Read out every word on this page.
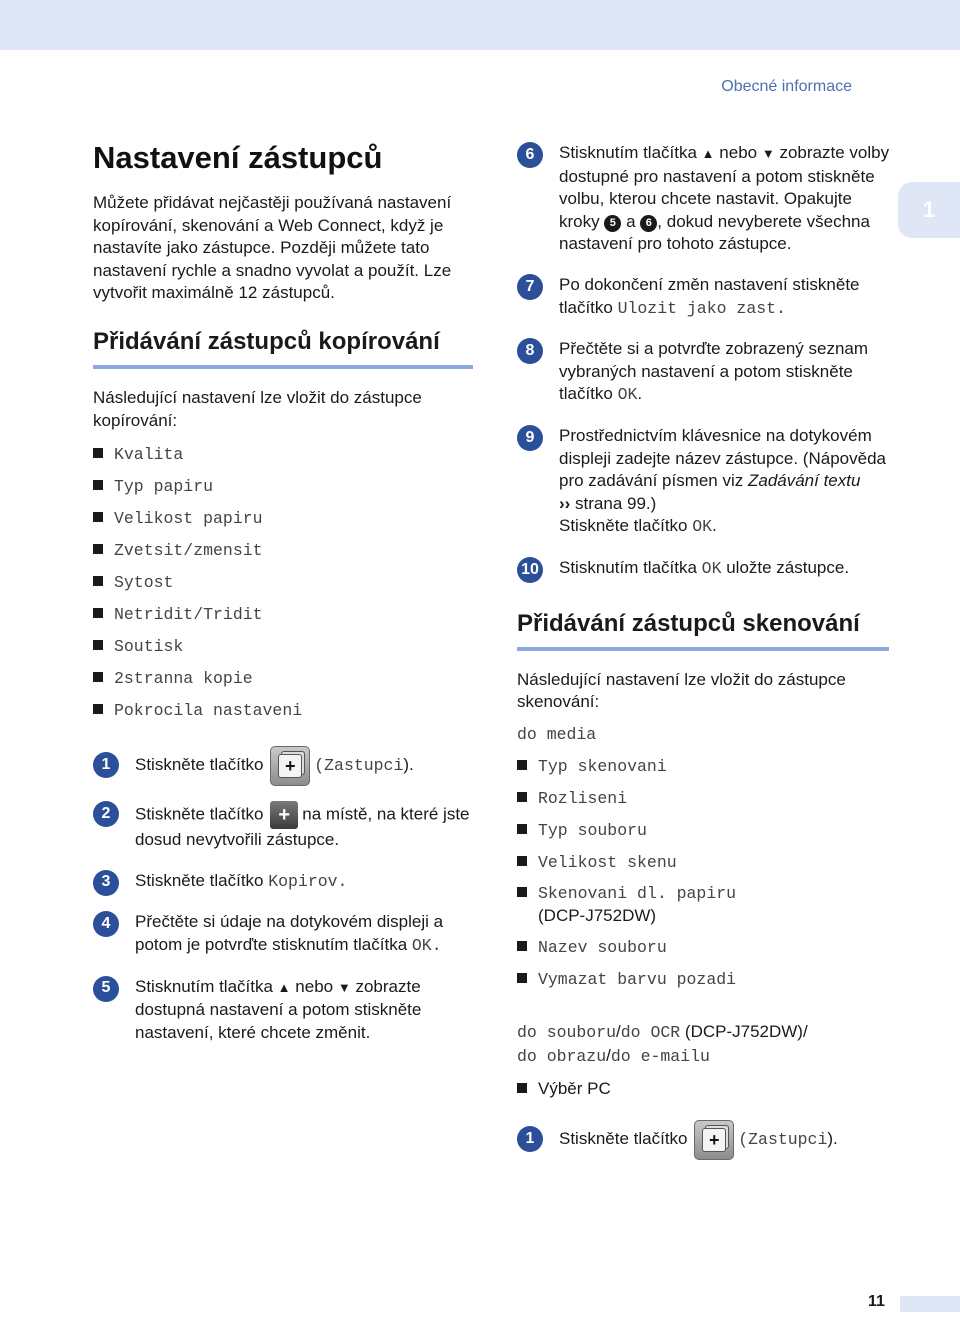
Obecné informace
1
Nastavení zástupců

Můžete přidávat nejčastěji používaná nastavení kopírování, skenování a Web Connect, když je nastavíte jako zástupce. Později můžete tato nastavení rychle a snadno vyvolat a použít. Lze vytvořit maximálně 12 zástupců.

Přidávání zástupců kopírování

Následující nastavení lze vložit do zástupce kopírování:

Kvalita
Typ papiru
Velikost papiru
Zvetsit/zmensit
Sytost
Netridit/Tridit
Soutisk
2stranna kopie
Pokrocila nastaveni
1	Stiskněte tlačítko	+	(Zastupci).
2	Stiskněte tlačítko + na místě, na které jste dosud nevytvořili zástupce.
3	Stiskněte tlačítko Kopirov.
4	Přečtěte si údaje na dotykovém displeji a potom je potvrďte stisknutím tlačítka OK.
5	Stisknutím tlačítka ▲ nebo ▼ zobrazte dostupná nastavení a potom stiskněte nastavení, které chcete změnit.
6	Stisknutím tlačítka ▲ nebo ▼ zobrazte volby dostupné pro nastavení a potom stiskněte volbu, kterou chcete nastavit. Opakujte kroky 5 a 6 , dokud nevyberete všechna nastavení pro tohoto zástupce.
7	Po dokončení změn nastavení stiskněte tlačítko Ulozit jako zast.
8	Přečtěte si a potvrďte zobrazený seznam vybraných nastavení a potom stiskněte tlačítko OK.
9	Prostřednictvím klávesnice na dotykovém displeji zadejte název zástupce. (Nápověda pro zadávání písmen viz Zadávání textu
›› strana 99.)
Stiskněte tlačítko OK.
10 Stisknutím tlačítka OK uložte zástupce.
Přidávání zástupců skenování

Následující nastavení lze vložit do zástupce skenování:

do media

Typ skenovani
Rozliseni
Typ souboru
Velikost skenu
Skenovani dl. papiru
(DCP-J752DW)
Nazev souboru
Vymazat barvu pozadi

do souboru/do OCR (DCP-J752DW)/
do obrazu/do e-mailu

Výběr PC
1	Stiskněte tlačítko	+	(Zastupci).
11
